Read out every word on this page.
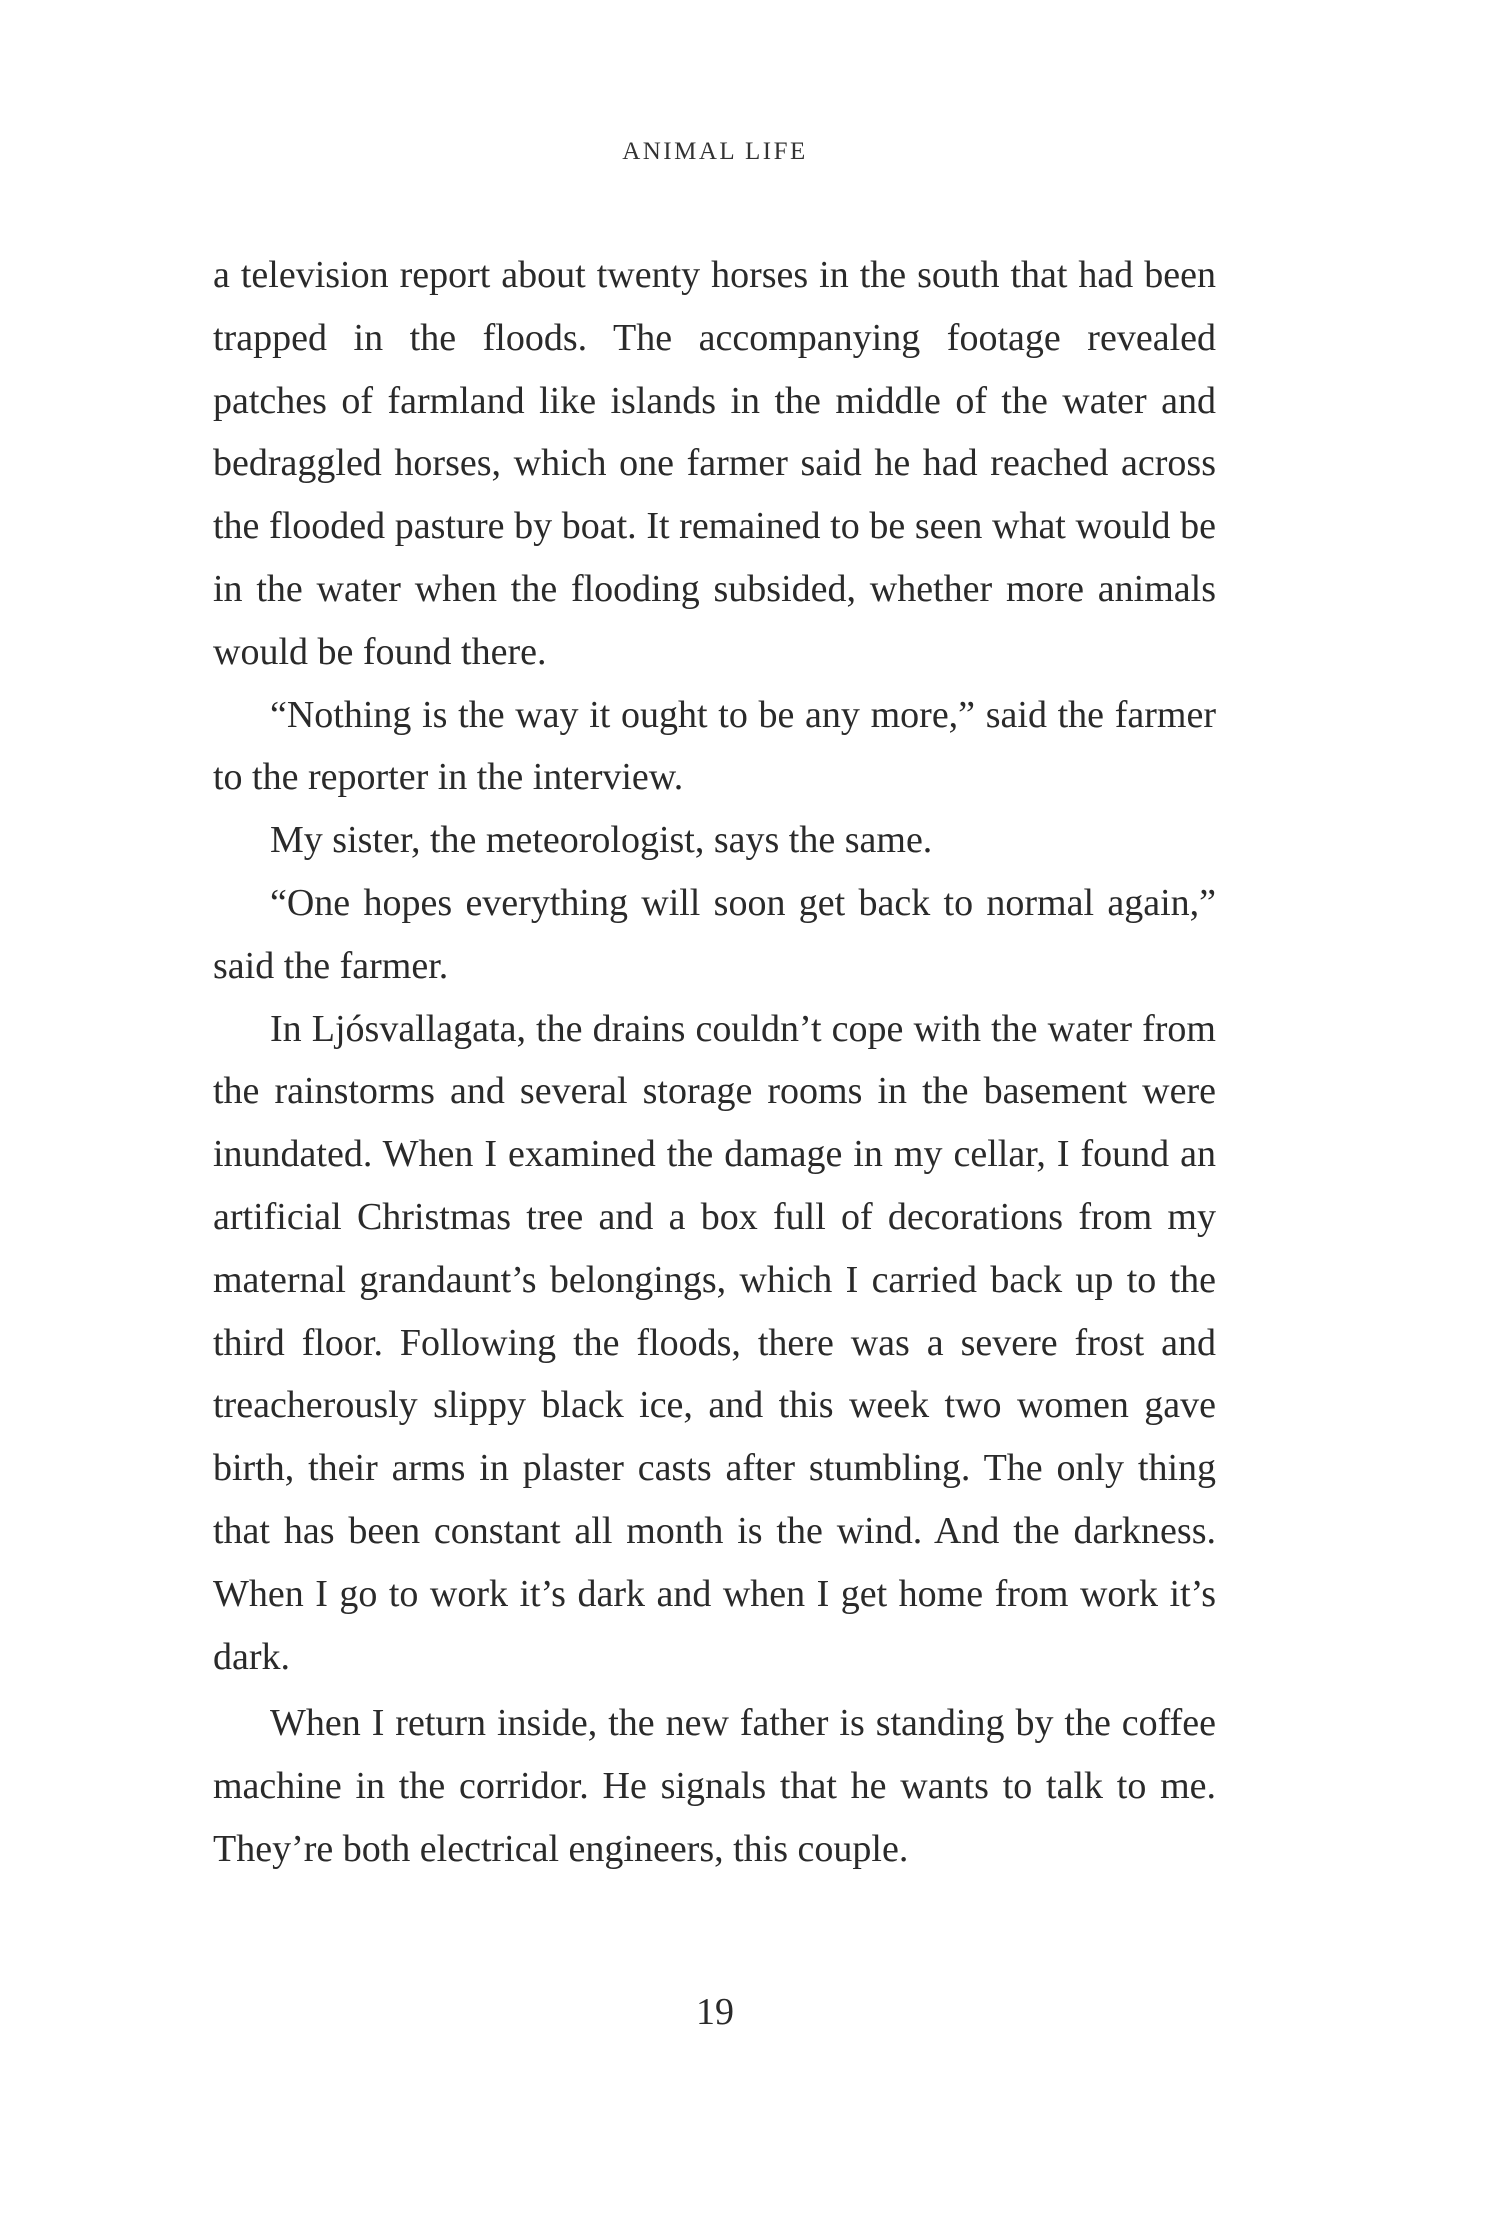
ANIMAL LIFE

a television report about twenty horses in the south that had been trapped in the floods. The accompanying footage revealed patches of farmland like islands in the middle of the water and bedraggled horses, which one farmer said he had reached across the flooded pasture by boat. It remained to be seen what would be in the water when the flooding subsided, whether more animals would be found there.

“Nothing is the way it ought to be any more,” said the farmer to the reporter in the interview.

My sister, the meteorologist, says the same.

“One hopes everything will soon get back to normal again,” said the farmer.

In Ljósvallagata, the drains couldn’t cope with the water from the rainstorms and several storage rooms in the basement were inundated. When I examined the damage in my cellar, I found an artificial Christmas tree and a box full of decorations from my maternal grandaunt’s belongings, which I carried back up to the third floor. Following the floods, there was a severe frost and treacherously slippy black ice, and this week two women gave birth, their arms in plaster casts after stumbling. The only thing that has been constant all month is the wind. And the darkness. When I go to work it’s dark and when I get home from work it’s dark.

When I return inside, the new father is standing by the coffee machine in the corridor. He signals that he wants to talk to me. They’re both electrical engineers, this couple.

19
